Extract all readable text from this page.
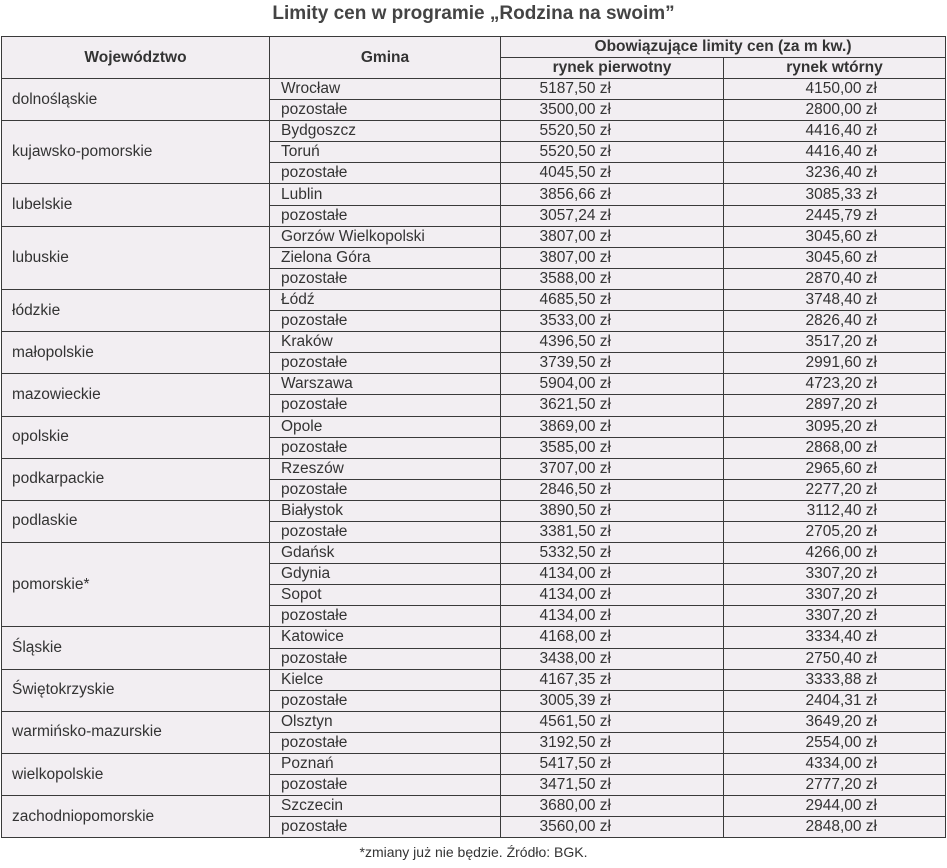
Limity cen w programie „Rodzina na swoim”
Województwo	Gmina	Obowiązujące limity cen (za m kw.)	
		rynek pierwotny	rynek wtórny
dolnośląskie	Wrocław	5187,50 zł	4150,00 zł
	pozostałe	3500,00 zł	2800,00 zł
kujawsko-pomorskie	Bydgoszcz	5520,50 zł	4416,40 zł
	Toruń	5520,50 zł	4416,40 zł
	pozostałe	4045,50 zł	3236,40 zł
lubelskie	Lublin	3856,66 zł	3085,33 zł
	pozostałe	3057,24 zł	2445,79 zł
lubuskie	Gorzów Wielkopolski	3807,00 zł	3045,60 zł
	Zielona Góra	3807,00 zł	3045,60 zł
	pozostałe	3588,00 zł	2870,40 zł
łódzkie	Łódź	4685,50 zł	3748,40 zł
	pozostałe	3533,00 zł	2826,40 zł
małopolskie	Kraków	4396,50 zł	3517,20 zł
	pozostałe	3739,50 zł	2991,60 zł
mazowieckie	Warszawa	5904,00 zł	4723,20 zł
	pozostałe	3621,50 zł	2897,20 zł
opolskie	Opole	3869,00 zł	3095,20 zł
	pozostałe	3585,00 zł	2868,00 zł
podkarpackie	Rzeszów	3707,00 zł	2965,60 zł
	pozostałe	2846,50 zł	2277,20 zł
podlaskie	Białystok	3890,50 zł	3112,40 zł
	pozostałe	3381,50 zł	2705,20 zł
pomorskie*	Gdańsk	5332,50 zł	4266,00 zł
	Gdynia	4134,00 zł	3307,20 zł
	Sopot	4134,00 zł	3307,20 zł
	pozostałe	4134,00 zł	3307,20 zł
Śląskie	Katowice	4168,00 zł	3334,40 zł
	pozostałe	3438,00 zł	2750,40 zł
Świętokrzyskie	Kielce	4167,35 zł	3333,88 zł
	pozostałe	3005,39 zł	2404,31 zł
warmińsko-mazurskie	Olsztyn	4561,50 zł	3649,20 zł
	pozostałe	3192,50 zł	2554,00 zł
wielkopolskie	Poznań	5417,50 zł	4334,00 zł
	pozostałe	3471,50 zł	2777,20 zł
zachodniopomorskie	Szczecin	3680,00 zł	2944,00 zł
	pozostałe	3560,00 zł	2848,00 zł
*zmiany już nie będzie. Źródło: BGK.
